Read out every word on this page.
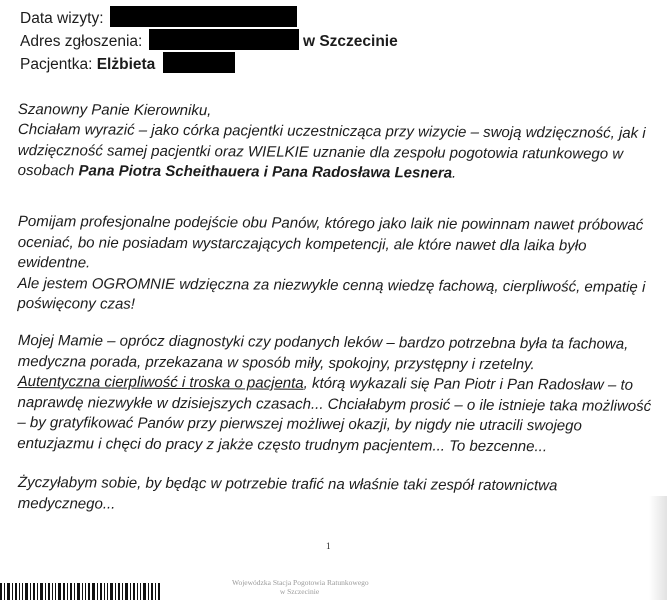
Data wizyty:
Adres zgłoszenia:	w Szczecinie
Pacjentka: Elżbieta

Szanowny Panie Kierowniku,

Chciałam wyrazić – jako córka pacjentki uczestnicząca przy wizycie – swoją wdzięczność, jak i

wdzięczność samej pacjentki oraz WIELKIE uznanie dla zespołu pogotowia ratunkowego w

osobach Pana Piotra Scheithauera i Pana Radosława Lesnera.

Pomijam profesjonalne podejście obu Panów, którego jako laik nie powinnam nawet próbować

oceniać, bo nie posiadam wystarczających kompetencji, ale które nawet dla laika było

ewidentne.

Ale jestem OGROMNIE wdzięczna za niezwykle cenną wiedzę fachową, cierpliwość, empatię i

poświęcony czas!

Mojej Mamie – oprócz diagnostyki czy podanych leków – bardzo potrzebna była ta fachowa,

medyczna porada, przekazana w sposób miły, spokojny, przystępny i rzetelny.

Autentyczna cierpliwość i troska o pacjenta, którą wykazali się Pan Piotr i Pan Radosław – to

naprawdę niezwykłe w dzisiejszych czasach... Chciałabym prosić – o ile istnieje taka możliwość

– by gratyfikować Panów przy pierwszej możliwej okazji, by nigdy nie utracili swojego

entuzjazmu i chęci do pracy z jakże często trudnym pacjentem... To bezcenne...

Życzyłabym sobie, by będąc w potrzebie trafić na właśnie taki zespół ratownictwa

medycznego...

1
Wojewódzka Stacja Pogotowia Ratunkowego
w Szczecinie
